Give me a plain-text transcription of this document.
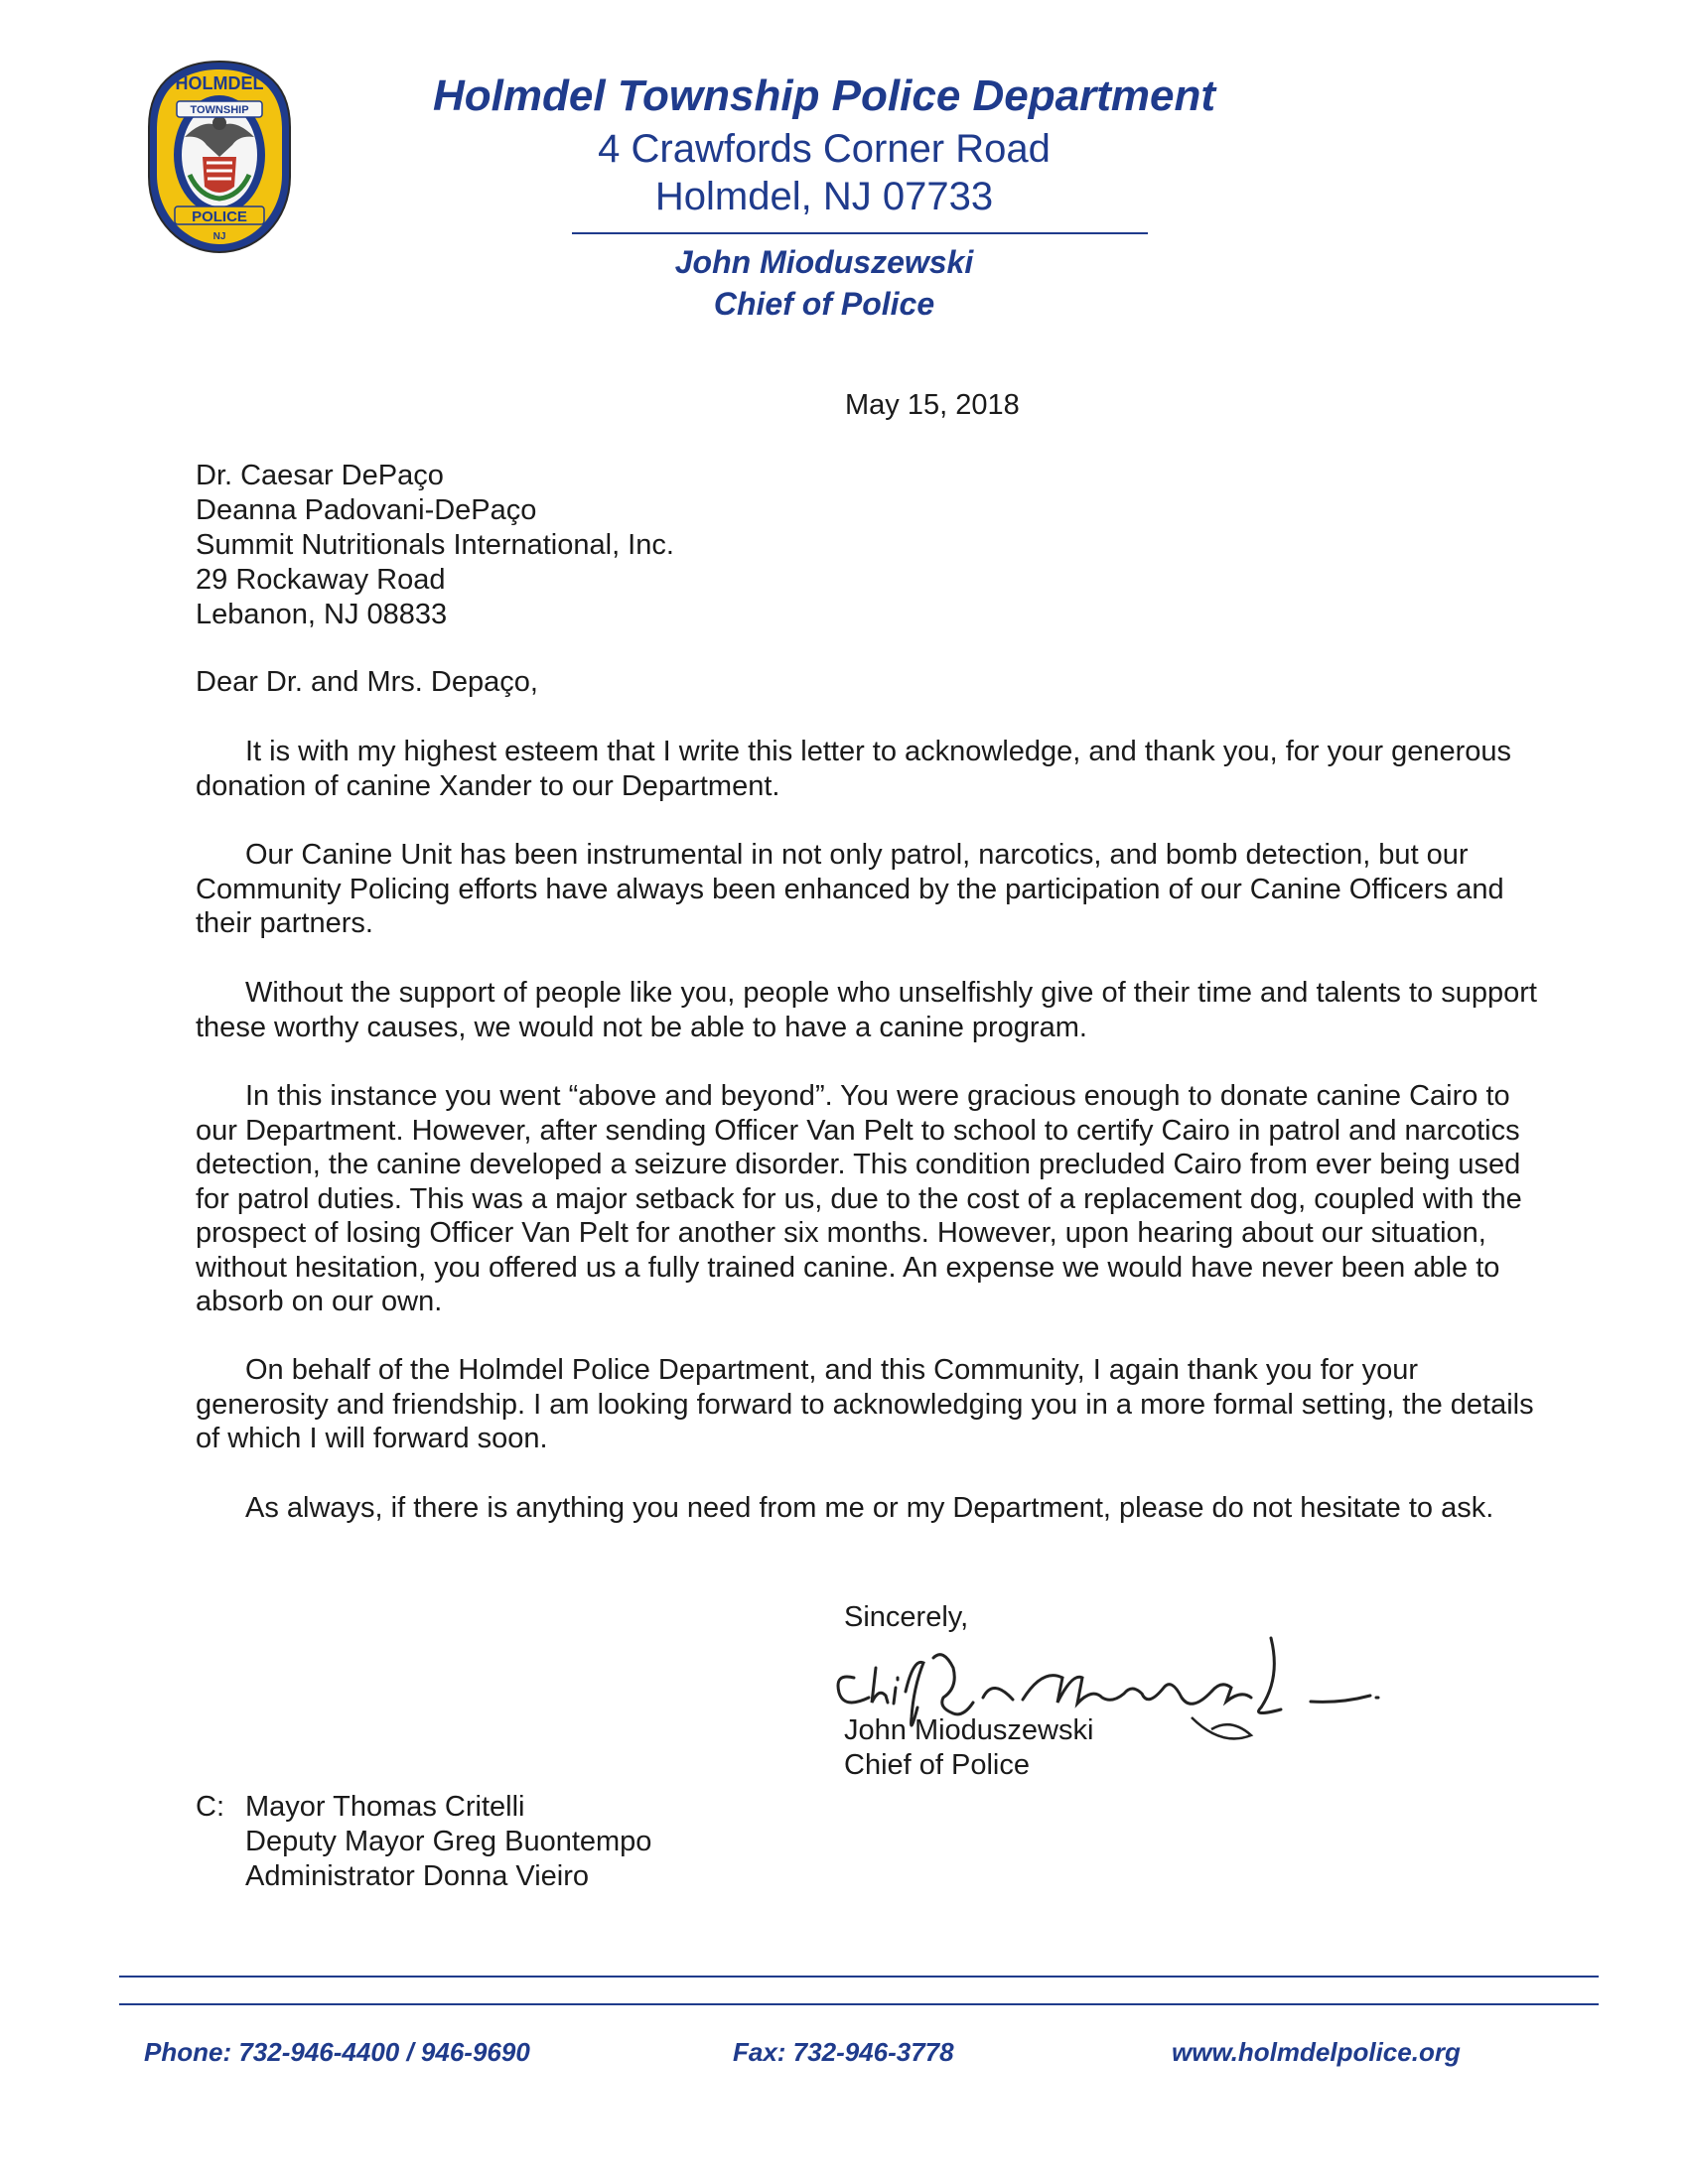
TOWNSHIP
HOLMDEL
POLICE
NJ
Holmdel Township Police Department
4 Crawfords Corner Road
Holmdel, NJ 07733
John Mioduszewski
Chief of Police
May 15, 2018
Dr. Caesar DePaço
Deanna Padovani-DePaço
Summit Nutritionals International, Inc.
29 Rockaway Road
Lebanon, NJ 08833
Dear Dr. and Mrs. Depaço,
It is with my highest esteem that I write this letter to acknowledge, and thank you, for your generous donation of canine Xander to our Department.
Our Canine Unit has been instrumental in not only patrol, narcotics, and bomb detection, but our Community Policing efforts have always been enhanced by the participation of our Canine Officers and their partners.
Without the support of people like you, people who unselfishly give of their time and talents to support these worthy causes, we would not be able to have a canine program.
In this instance you went “above and beyond”. You were gracious enough to donate canine Cairo to our Department. However, after sending Officer Van Pelt to school to certify Cairo in patrol and narcotics detection, the canine developed a seizure disorder. This condition precluded Cairo from ever being used for patrol duties. This was a major setback for us, due to the cost of a replacement dog, coupled with the prospect of losing Officer Van Pelt for another six months. However, upon hearing about our situation, without hesitation, you offered us a fully trained canine. An expense we would have never been able to absorb on our own.
On behalf of the Holmdel Police Department, and this Community, I again thank you for your generosity and friendship. I am looking forward to acknowledging you in a more formal setting, the details of which I will forward soon.
As always, if there is anything you need from me or my Department, please do not hesitate to ask.
Sincerely,
John Mioduszewski
Chief of Police
C: Mayor Thomas Critelli
Deputy Mayor Greg Buontempo
Administrator Donna Vieiro
Phone: 732-946-4400 / 946-9690	Fax: 732-946-3778	www.holmdelpolice.org
